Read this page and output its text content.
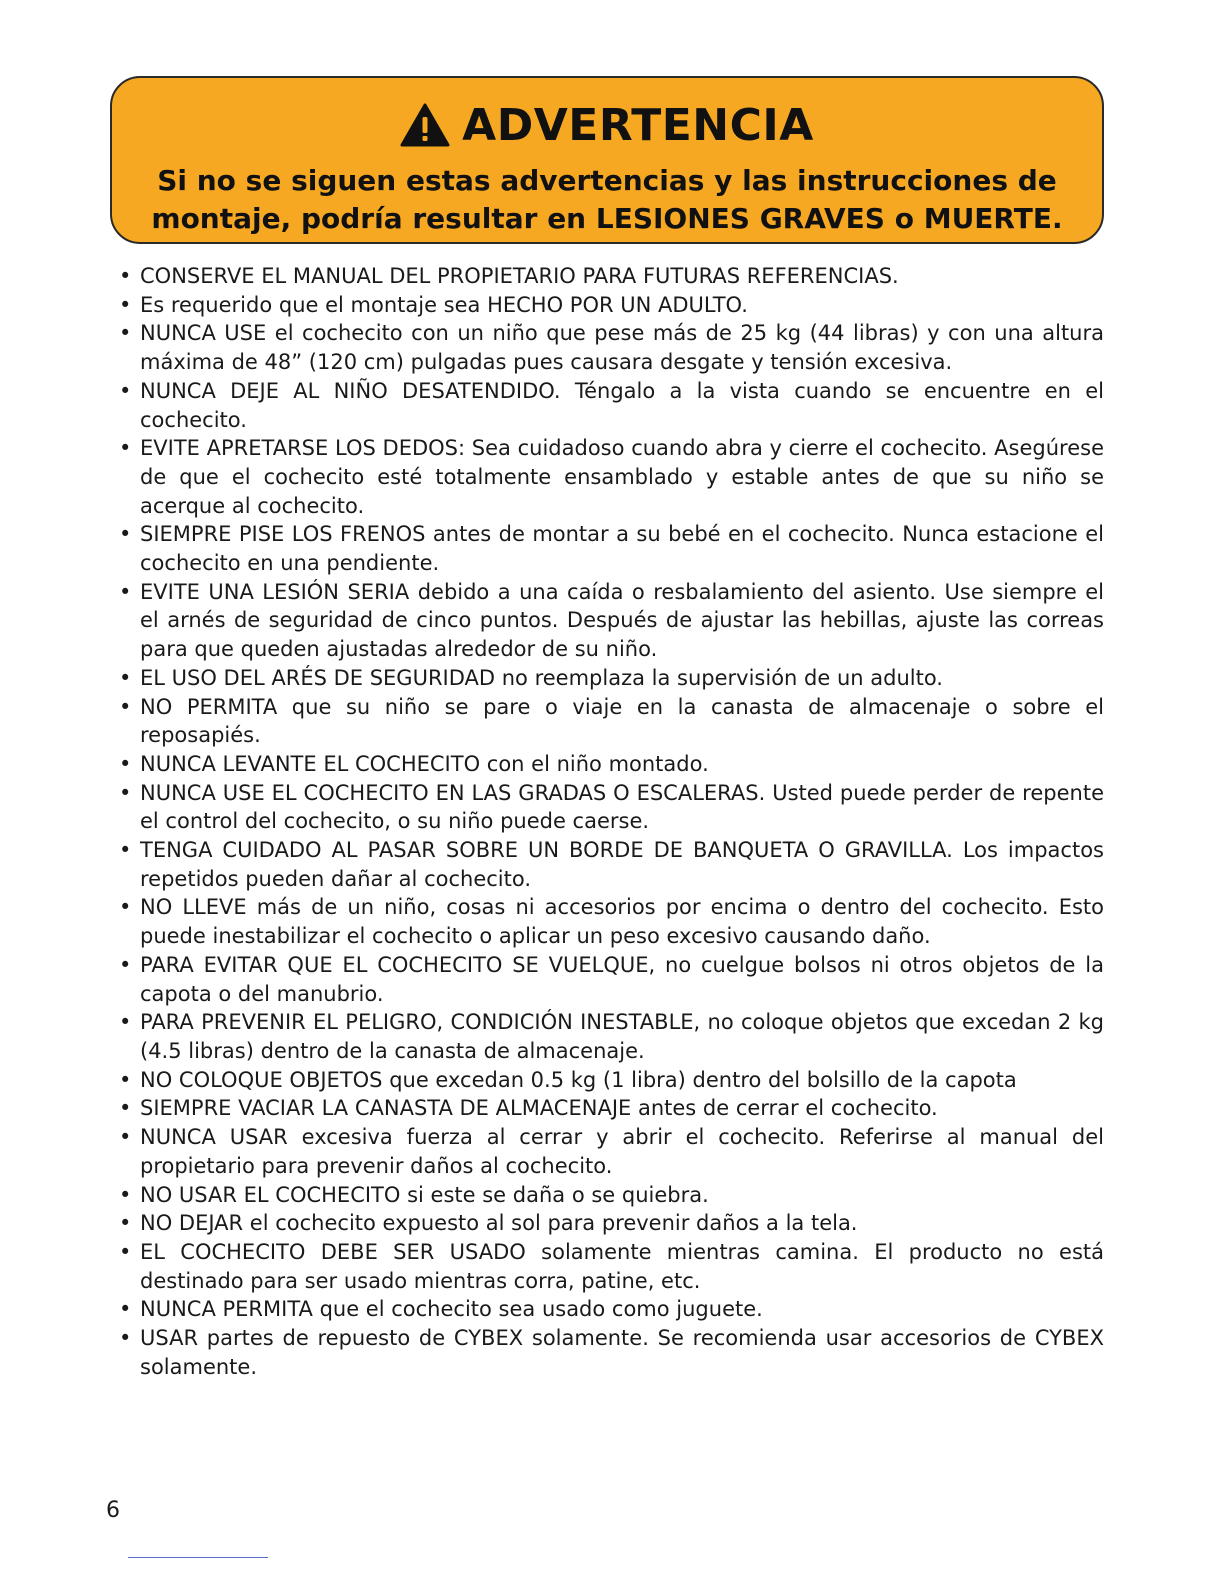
ADVERTENCIA
Si no se siguen estas advertencias y las instrucciones de
montaje, podría resultar en LESIONES GRAVES o MUERTE.
• CONSERVE EL MANUAL DEL PROPIETARIO PARA FUTURAS REFERENCIAS.
• Es requerido que el montaje sea HECHO POR UN ADULTO.
• NUNCA USE el cochecito con un niño que pese más de 25 kg (44 libras) y con una altura máxima de 48” (120 cm) pulgadas pues causara desgate y tensión excesiva.
• NUNCA DEJE AL NIÑO DESATENDIDO. Téngalo a la vista cuando se encuentre en el cochecito.
• EVITE APRETARSE LOS DEDOS: Sea cuidadoso cuando abra y cierre el cochecito. Asegúrese de que el cochecito esté totalmente ensamblado y estable antes de que su niño se acerque al cochecito.
• SIEMPRE PISE LOS FRENOS antes de montar a su bebé en el cochecito. Nunca estacione el cochecito en una pendiente.
• EVITE UNA LESIÓN SERIA debido a una caída o resbalamiento del asiento. Use siempre el el arnés de seguridad de cinco puntos. Después de ajustar las hebillas, ajuste las correas para que queden ajustadas alrededor de su niño.
• EL USO DEL ARÉS DE SEGURIDAD no reemplaza la supervisión de un adulto.
• NO PERMITA que su niño se pare o viaje en la canasta de almacenaje o sobre el reposapiés.
• NUNCA LEVANTE EL COCHECITO con el niño montado.
• NUNCA USE EL COCHECITO EN LAS GRADAS O ESCALERAS. Usted puede perder de repente el control del cochecito, o su niño puede caerse.
• TENGA CUIDADO AL PASAR SOBRE UN BORDE DE BANQUETA O GRAVILLA. Los impactos repetidos pueden dañar al cochecito.
• NO LLEVE más de un niño, cosas ni accesorios por encima o dentro del cochecito. Esto puede inestabilizar el cochecito o aplicar un peso excesivo causando daño.
• PARA EVITAR QUE EL COCHECITO SE VUELQUE, no cuelgue bolsos ni otros objetos de la capota o del manubrio.
• PARA PREVENIR EL PELIGRO, CONDICIÓN INESTABLE, no coloque objetos que excedan 2 kg (4.5 libras) dentro de la canasta de almacenaje.
• NO COLOQUE OBJETOS que excedan 0.5 kg (1 libra) dentro del bolsillo de la capota
• SIEMPRE VACIAR LA CANASTA DE ALMACENAJE antes de cerrar el cochecito.
• NUNCA USAR excesiva fuerza al cerrar y abrir el cochecito. Referirse al manual del propietario para prevenir daños al cochecito.
• NO USAR EL COCHECITO si este se daña o se quiebra.
• NO DEJAR el cochecito expuesto al sol para prevenir daños a la tela.
• EL COCHECITO DEBE SER USADO solamente mientras camina. El producto no está destinado para ser usado mientras corra, patine, etc.
• NUNCA PERMITA que el cochecito sea usado como juguete.
• USAR partes de repuesto de CYBEX solamente. Se recomienda usar accesorios de CYBEX solamente.
6
